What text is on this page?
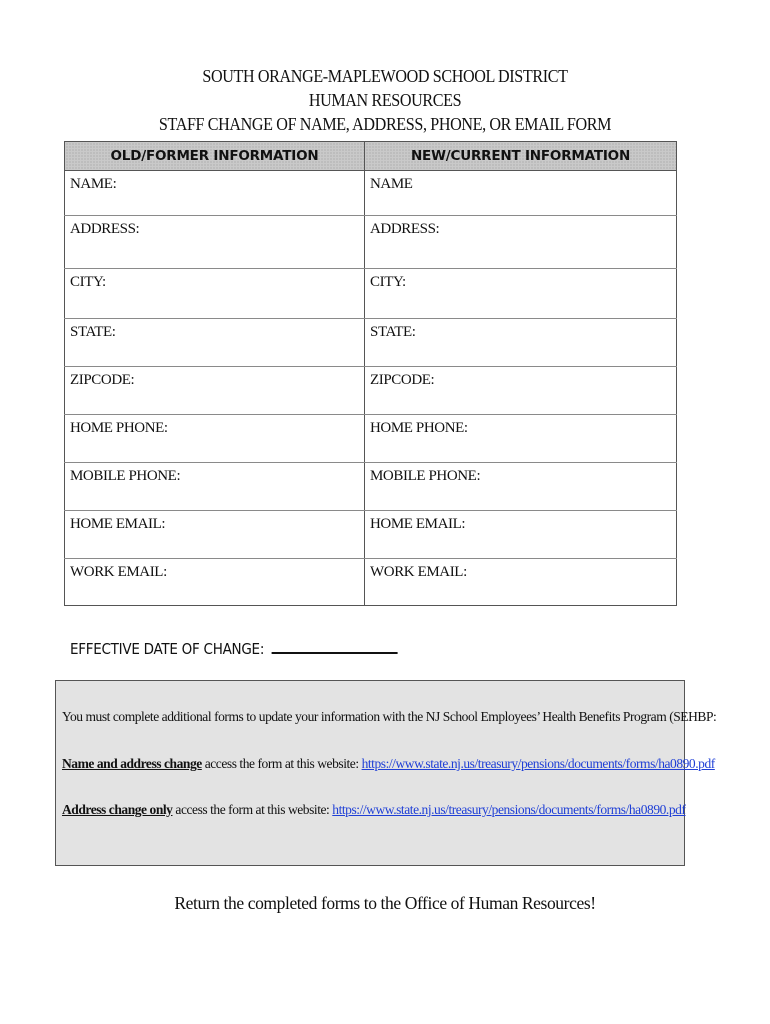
SOUTH ORANGE-MAPLEWOOD SCHOOL DISTRICT
HUMAN RESOURCES
STAFF CHANGE OF NAME, ADDRESS, PHONE, OR EMAIL FORM
OLD/FORMER INFORMATION	NEW/CURRENT INFORMATION
NAME:	NAME
ADDRESS:	ADDRESS:
CITY:	CITY:
STATE:	STATE:
ZIPCODE:	ZIPCODE:
HOME PHONE:	HOME PHONE:
MOBILE PHONE:	MOBILE PHONE:
HOME EMAIL:	HOME EMAIL:
WORK EMAIL:	WORK EMAIL:
EFFECTIVE DATE OF CHANGE:
You must complete additional forms to update your information with the NJ School Employees’ Health Benefits Program (SEHBP:
Name and address change access the form at this website: https://www.state.nj.us/treasury/pensions/documents/forms/ha0890.pdf
Address change only access the form at this website: https://www.state.nj.us/treasury/pensions/documents/forms/ha0890.pdf
Return the completed forms to the Office of Human Resources!
